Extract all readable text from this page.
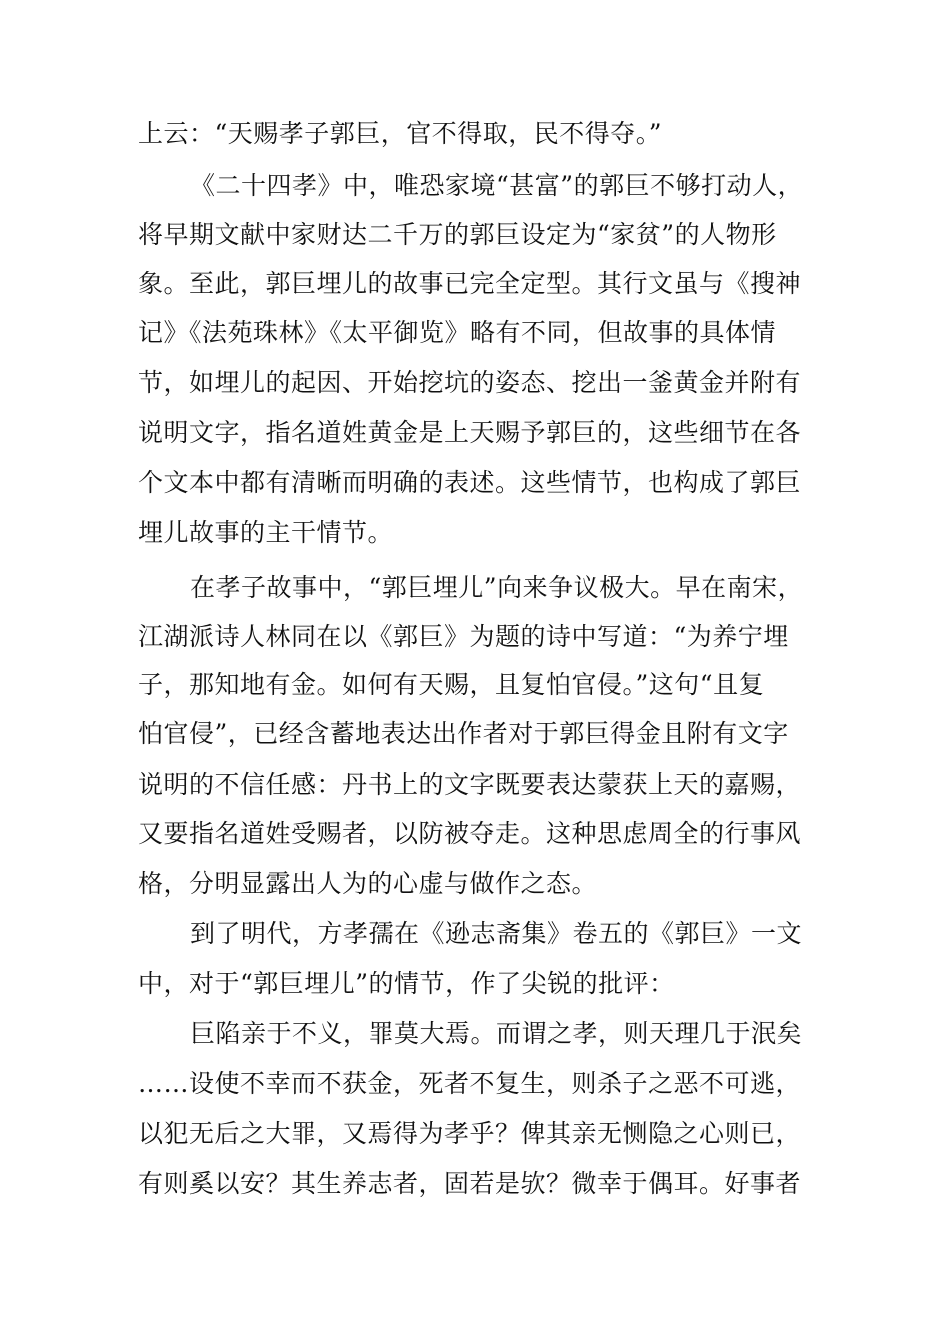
上云：“天赐孝子郭巨，官不得取，民不得夺。”
《二十四孝》中，唯恐家境“甚富”的郭巨不够打动人，
将早期文献中家财达二千万的郭巨设定为“家贫”的人物形
象。至此，郭巨埋儿的故事已完全定型。其行文虽与《搜神
记》《法苑珠林》《太平御览》略有不同，但故事的具体情
节，如埋儿的起因、开始挖坑的姿态、挖出一釜黄金并附有
说明文字，指名道姓黄金是上天赐予郭巨的，这些细节在各
个文本中都有清晰而明确的表述。这些情节，也构成了郭巨
埋儿故事的主干情节。
在孝子故事中，“郭巨埋儿”向来争议极大。早在南宋，
江湖派诗人林同在以《郭巨》为题的诗中写道：“为养宁埋
子，那知地有金。如何有天赐，且复怕官侵。”这句“且复
怕官侵”，已经含蓄地表达出作者对于郭巨得金且附有文字
说明的不信任感：丹书上的文字既要表达蒙获上天的嘉赐，
又要指名道姓受赐者，以防被夺走。这种思虑周全的行事风
格，分明显露出人为的心虚与做作之态。
到了明代，方孝孺在《逊志斋集》卷五的《郭巨》一文
中，对于“郭巨埋儿”的情节，作了尖锐的批评：
巨陷亲于不义，罪莫大焉。而谓之孝，则天理几于泯矣
……设使不幸而不获金，死者不复生，则杀子之恶不可逃，
以犯无后之大罪，又焉得为孝乎？俾其亲无恻隐之心则已，
有则奚以安？其生养志者，固若是欤？微幸于偶耳。好事者
